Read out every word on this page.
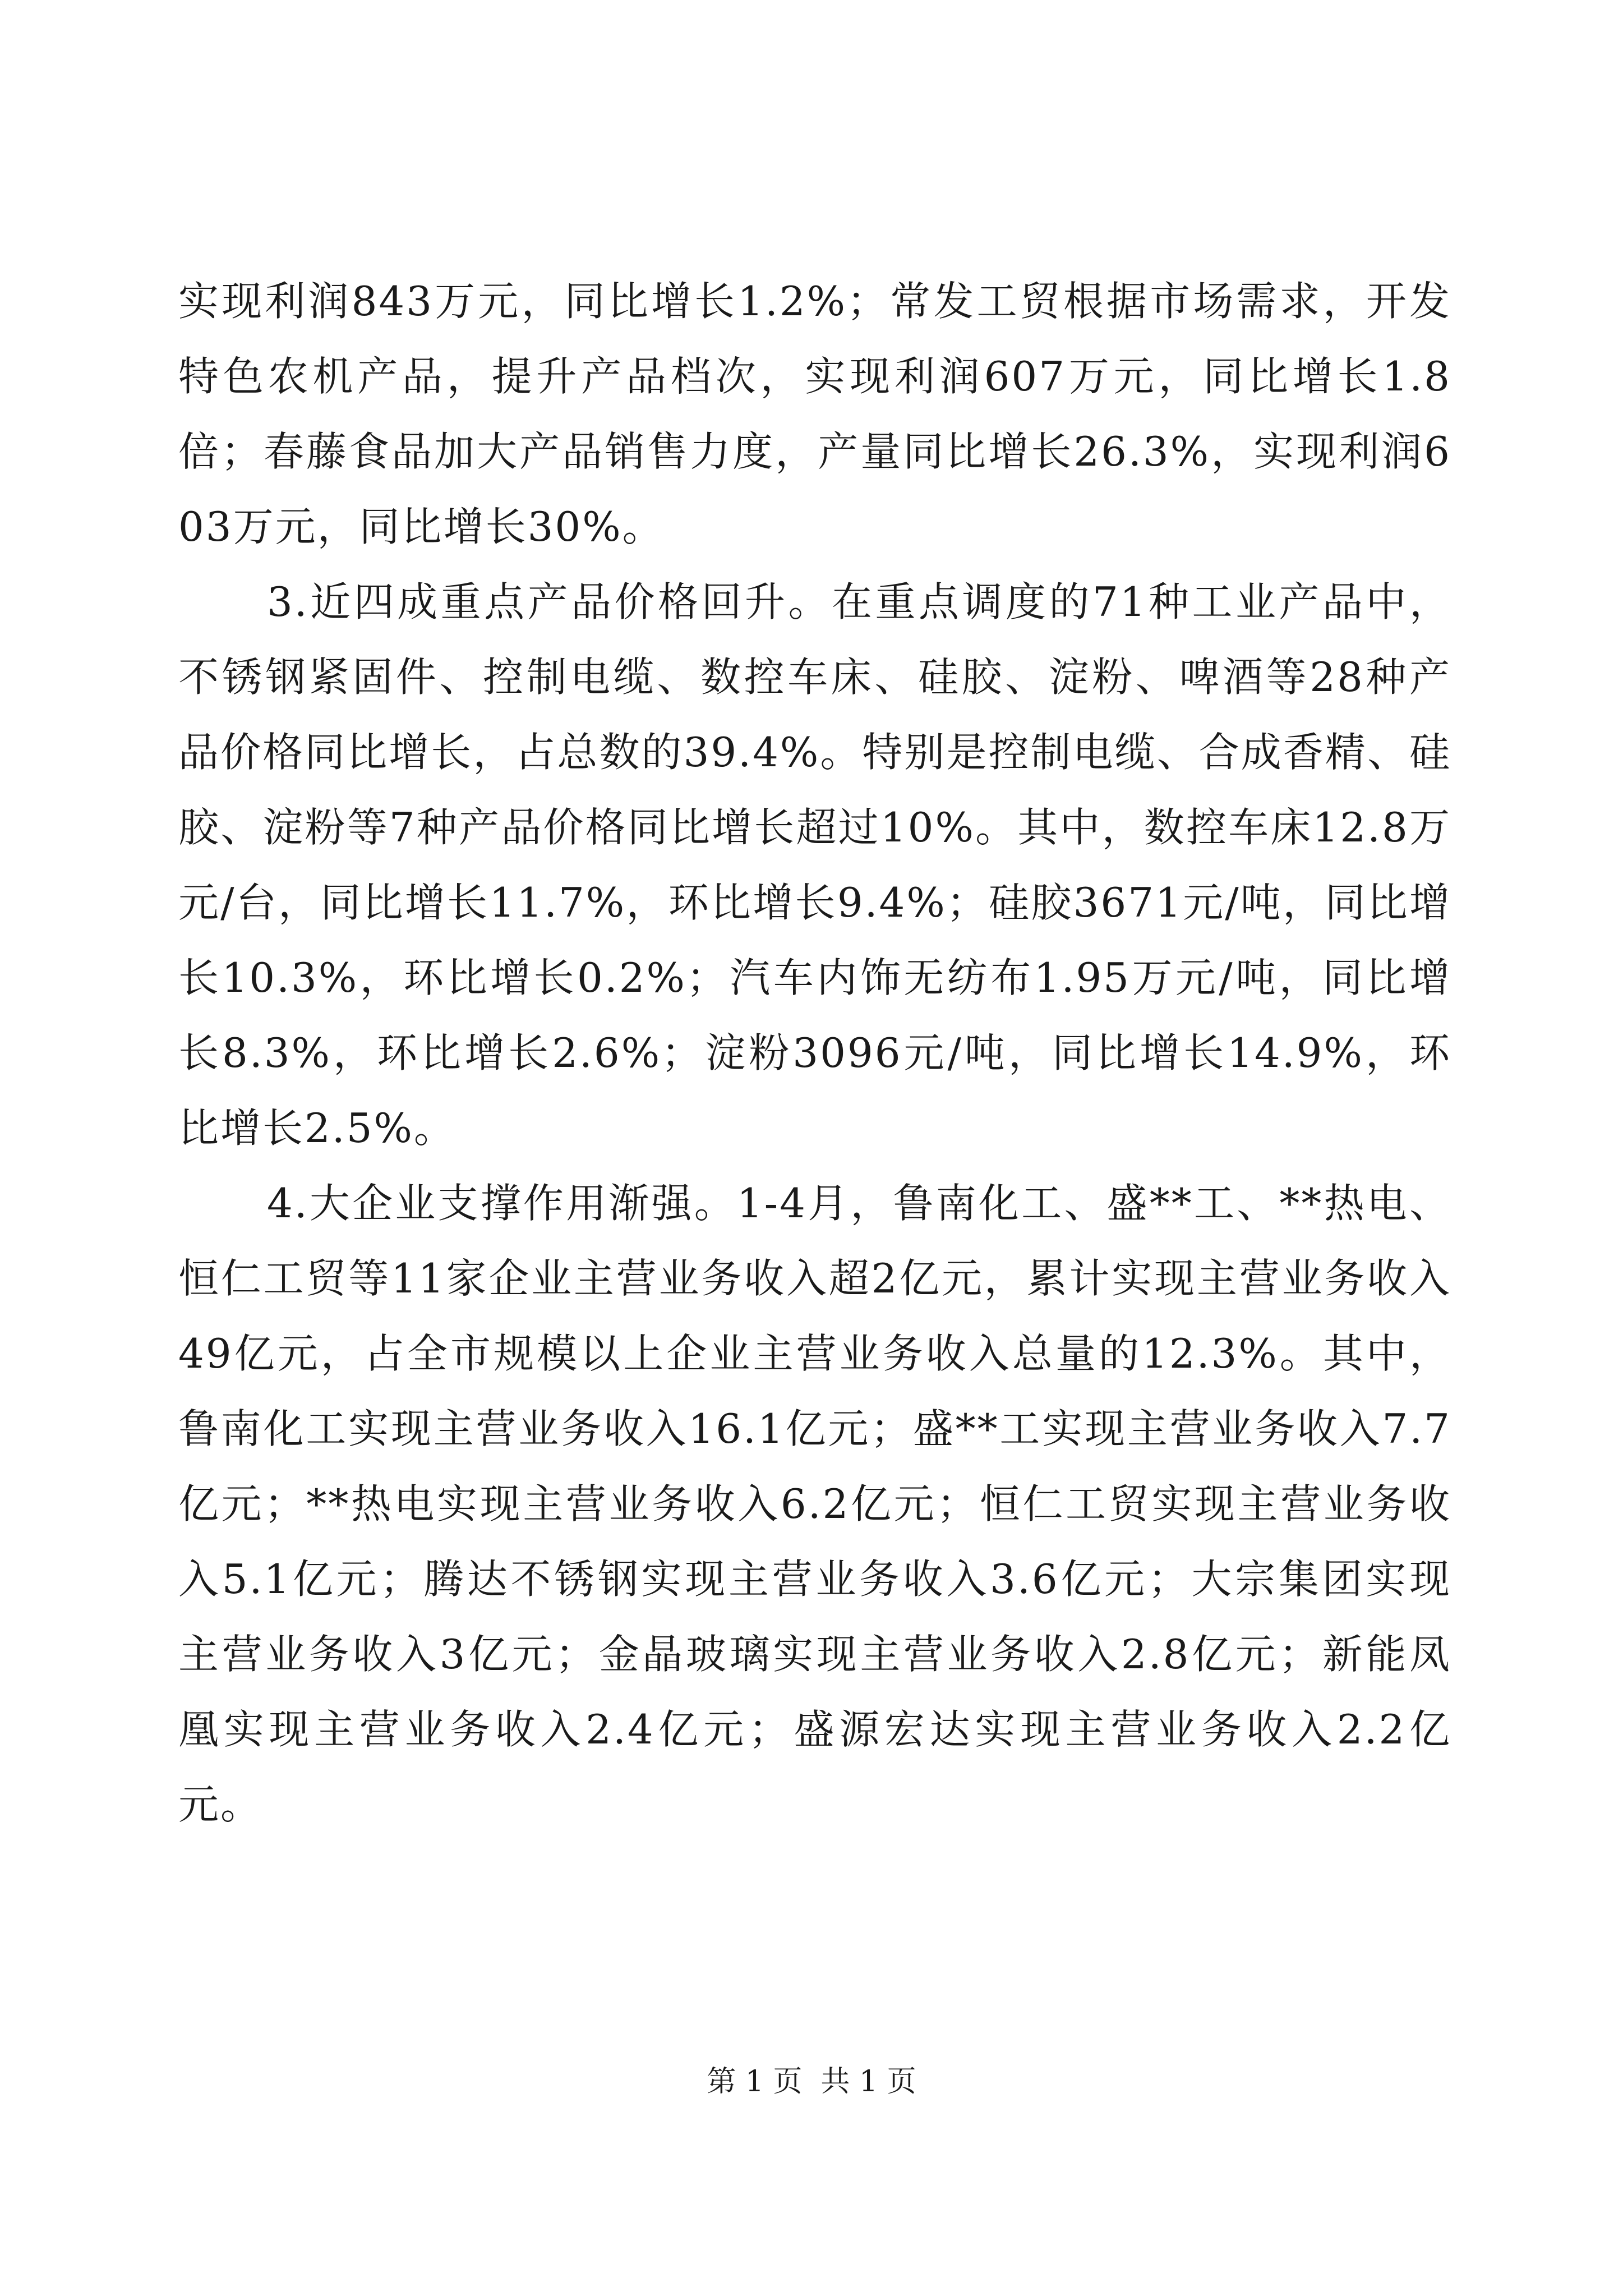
实现利润843万元，同比增长1.2%；常发工贸根据市场需求，开发特色农机产品，提升产品档次，实现利润607万元，同比增长1.8倍；春藤食品加大产品销售力度，产量同比增长26.3%，实现利润603万元，同比增长30%。

3.近四成重点产品价格回升。在重点调度的71种工业产品中，不锈钢紧固件、控制电缆、数控车床、硅胶、淀粉、啤酒等28种产品价格同比增长，占总数的39.4%。特别是控制电缆、合成香精、硅胶、淀粉等7种产品价格同比增长超过10%。其中，数控车床12.8万元/台，同比增长11.7%，环比增长9.4%；硅胶3671元/吨，同比增长10.3%，环比增长0.2%；汽车内饰无纺布1.95万元/吨，同比增长8.3%，环比增长2.6%；淀粉3096元/吨，同比增长14.9%，环比增长2.5%。

4.大企业支撑作用渐强。1-4月，鲁南化工、盛**工、**热电、恒仁工贸等11家企业主营业务收入超2亿元，累计实现主营业务收入49亿元，占全市规模以上企业主营业务收入总量的12.3%。其中，鲁南化工实现主营业务收入16.1亿元；盛**工实现主营业务收入7.7亿元；**热电实现主营业务收入6.2亿元；恒仁工贸实现主营业务收入5.1亿元；腾达不锈钢实现主营业务收入3.6亿元；大宗集团实现主营业务收入3亿元；金晶玻璃实现主营业务收入2.8亿元；新能凤凰实现主营业务收入2.4亿元；盛源宏达实现主营业务收入2.2亿元。

第 1 页  共 1 页
